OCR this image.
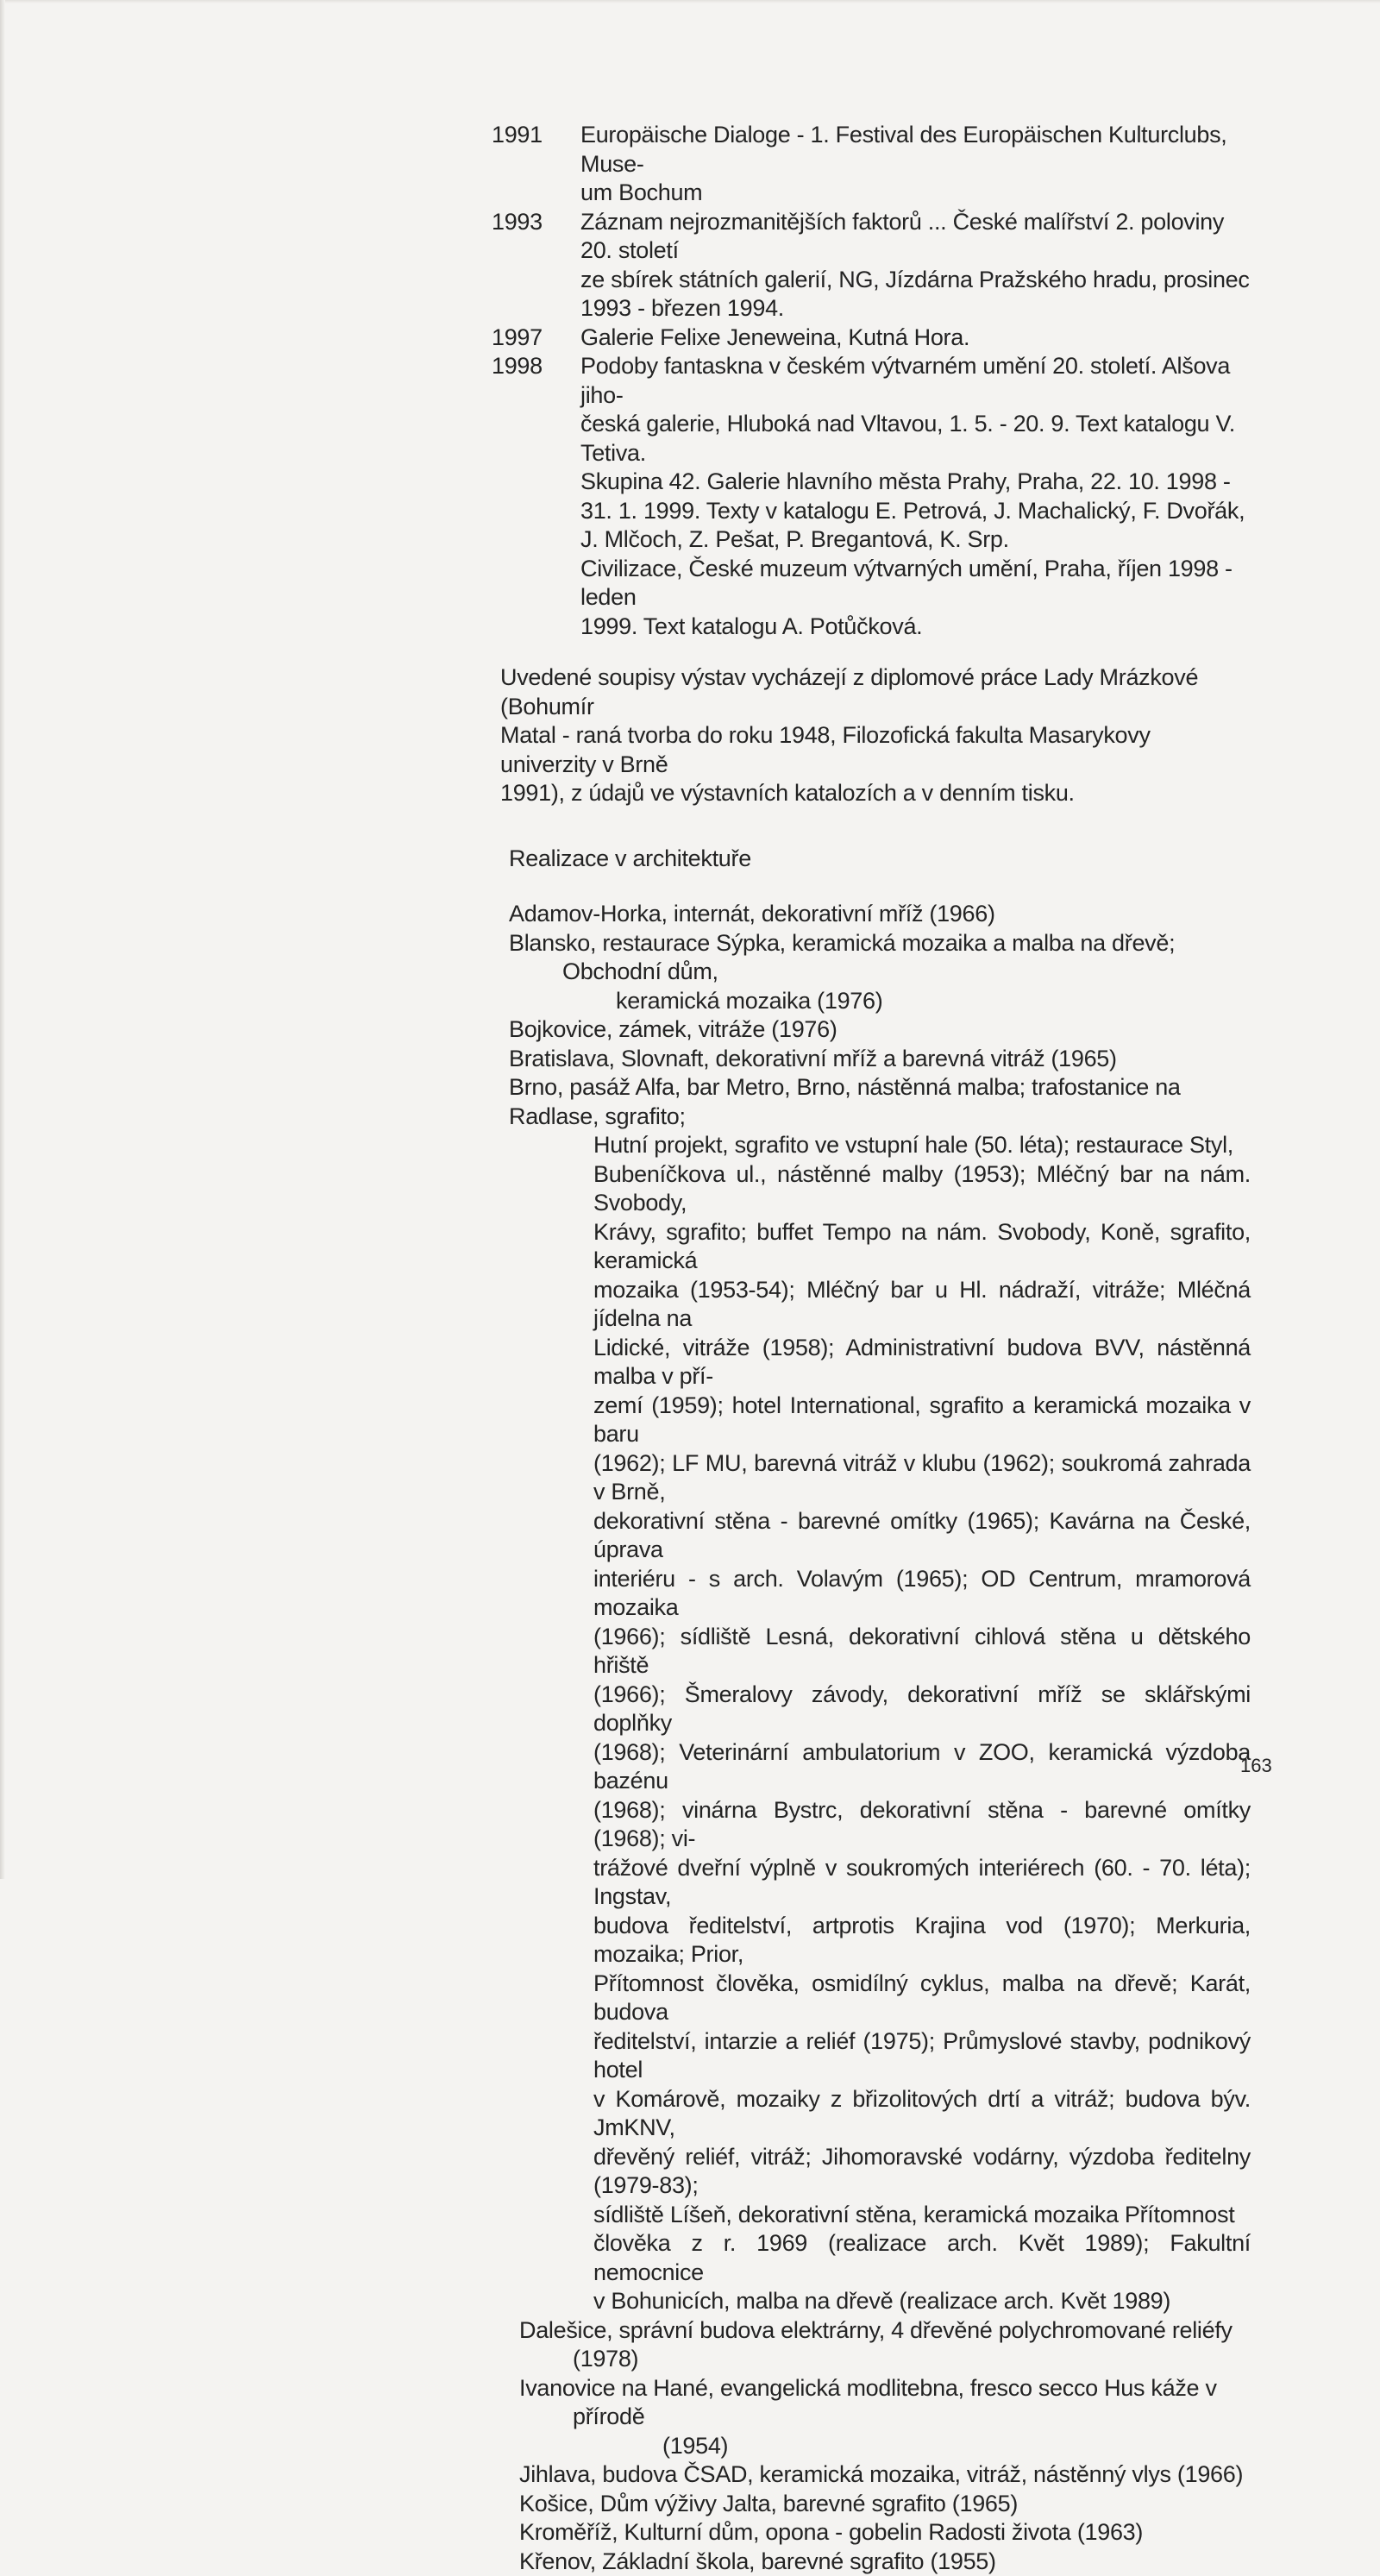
1991	Europäische Dialoge - 1. Festival des Europäischen Kulturclubs, Muse-
um Bochum
1993	Záznam nejrozmanitějších faktorů ... České malířství 2. poloviny 20. století
ze sbírek státních galerií, NG, Jízdárna Pražského hradu, prosinec
1993 - březen 1994.
1997	Galerie Felixe Jeneweina, Kutná Hora.
1998	Podoby fantaskna v českém výtvarném umění 20. století. Alšova jiho-
česká galerie, Hluboká nad Vltavou, 1. 5. - 20. 9. Text katalogu V. Tetiva.
Skupina 42. Galerie hlavního města Prahy, Praha, 22. 10. 1998 -
31. 1. 1999. Texty v katalogu E. Petrová, J. Machalický, F. Dvořák,
J. Mlčoch, Z. Pešat, P. Bregantová, K. Srp.
Civilizace, České muzeum výtvarných umění, Praha, říjen 1998 - leden
1999. Text katalogu A. Potůčková.
Uvedené soupisy výstav vycházejí z diplomové práce Lady Mrázkové (Bohumír
Matal - raná tvorba do roku 1948, Filozofická fakulta Masarykovy univerzity v Brně
1991), z údajů ve výstavních katalozích a v denním tisku.
Realizace v architektuře
Adamov-Horka, internát, dekorativní mříž (1966)
Blansko, restaurace Sýpka, keramická mozaika a malba na dřevě; Obchodní dům,
keramická mozaika (1976)
Bojkovice, zámek, vitráže (1976)
Bratislava, Slovnaft, dekorativní mříž a barevná vitráž (1965)
Brno, pasáž Alfa, bar Metro, Brno, nástěnná malba; trafostanice na Radlase, sgrafito;
Hutní projekt, sgrafito ve vstupní hale (50. léta); restaurace Styl,
Bubeníčkova ul., nástěnné malby (1953); Mléčný bar na nám. Svobody,
Krávy, sgrafito; buffet Tempo na nám. Svobody, Koně, sgrafito, keramická
mozaika (1953-54); Mléčný bar u Hl. nádraží, vitráže; Mléčná jídelna na
Lidické, vitráže (1958); Administrativní budova BVV, nástěnná malba v pří-
zemí (1959); hotel International, sgrafito a keramická mozaika v baru
(1962); LF MU, barevná vitráž v klubu (1962); soukromá zahrada v Brně,
dekorativní stěna - barevné omítky (1965); Kavárna na České, úprava
interiéru - s arch. Volavým (1965); OD Centrum, mramorová mozaika
(1966); sídliště Lesná, dekorativní cihlová stěna u dětského hřiště
(1966); Šmeralovy závody, dekorativní mříž se sklářskými doplňky
(1968); Veterinární ambulatorium v ZOO, keramická výzdoba bazénu
(1968); vinárna Bystrc, dekorativní stěna - barevné omítky (1968); vi-
trážové dveřní výplně v soukromých interiérech (60. - 70. léta); Ingstav,
budova ředitelství, artprotis Krajina vod (1970); Merkuria, mozaika; Prior,
Přítomnost člověka, osmidílný cyklus, malba na dřevě; Karát, budova
ředitelství, intarzie a reliéf (1975); Průmyslové stavby, podnikový hotel
v Komárově, mozaiky z břizolitových drtí a vitráž; budova býv. JmKNV,
dřevěný reliéf, vitráž; Jihomoravské vodárny, výzdoba ředitelny (1979-83);
sídliště Líšeň, dekorativní stěna, keramická mozaika Přítomnost
člověka z r. 1969 (realizace arch. Květ 1989); Fakultní nemocnice
v Bohunicích, malba na dřevě (realizace arch. Květ 1989)
Dalešice, správní budova elektrárny, 4 dřevěné polychromované reliéfy (1978)
Ivanovice na Hané, evangelická modlitebna, fresco secco Hus káže v přírodě
(1954)
Jihlava, budova ČSAD, keramická mozaika, vitráž, nástěnný vlys (1966)
Košice, Dům výživy Jalta, barevné sgrafito (1965)
Kroměříž, Kulturní dům, opona - gobelin Radosti života (1963)
Křenov, Základní škola, barevné sgrafito (1955)
163
